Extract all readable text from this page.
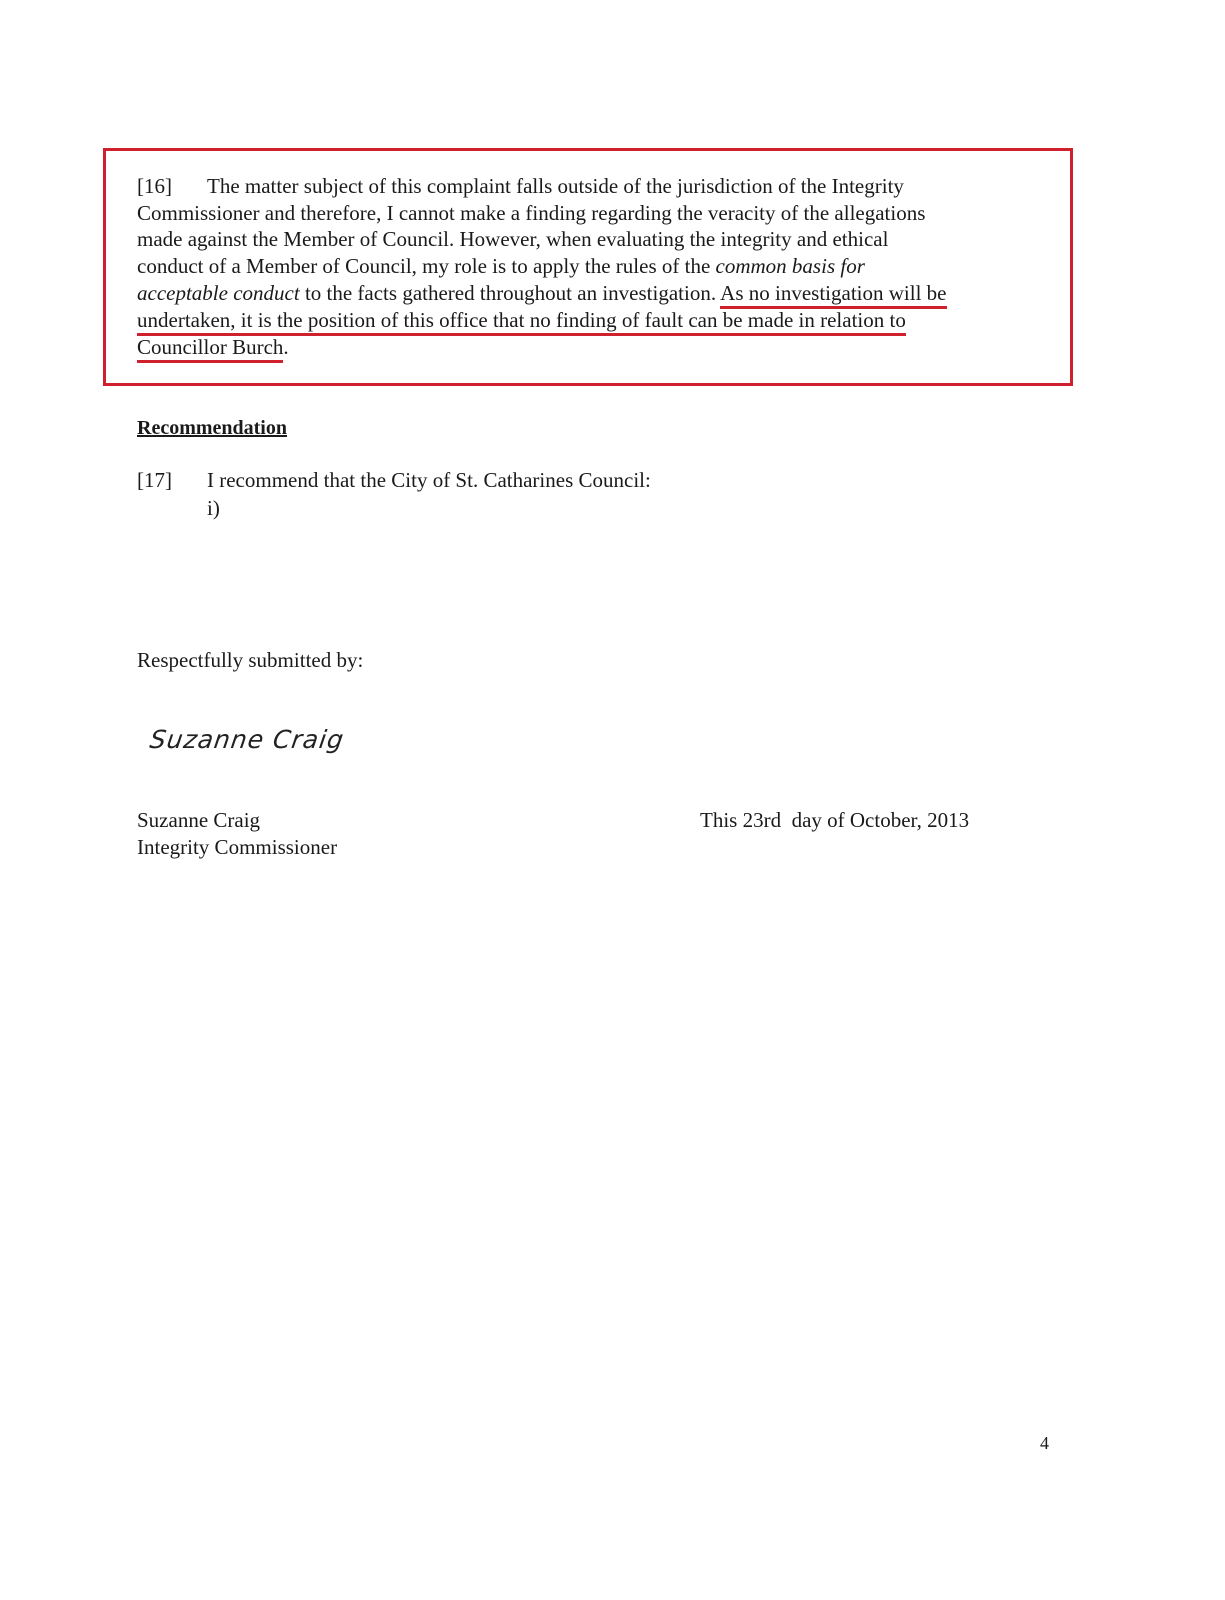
[16] The matter subject of this complaint falls outside of the jurisdiction of the Integrity
Commissioner and therefore, I cannot make a finding regarding the veracity of the allegations
made against the Member of Council. However, when evaluating the integrity and ethical
conduct of a Member of Council, my role is to apply the rules of the common basis for
acceptable conduct to the facts gathered throughout an investigation. As no investigation will be
undertaken, it is the position of this office that no finding of fault can be made in relation to
Councillor Burch.
Recommendation
[17] I recommend that the City of St. Catharines Council:
i)
Respectfully submitted by:
Suzanne Craig
Suzanne Craig
Integrity Commissioner
This 23rd  day of October, 2013
4
